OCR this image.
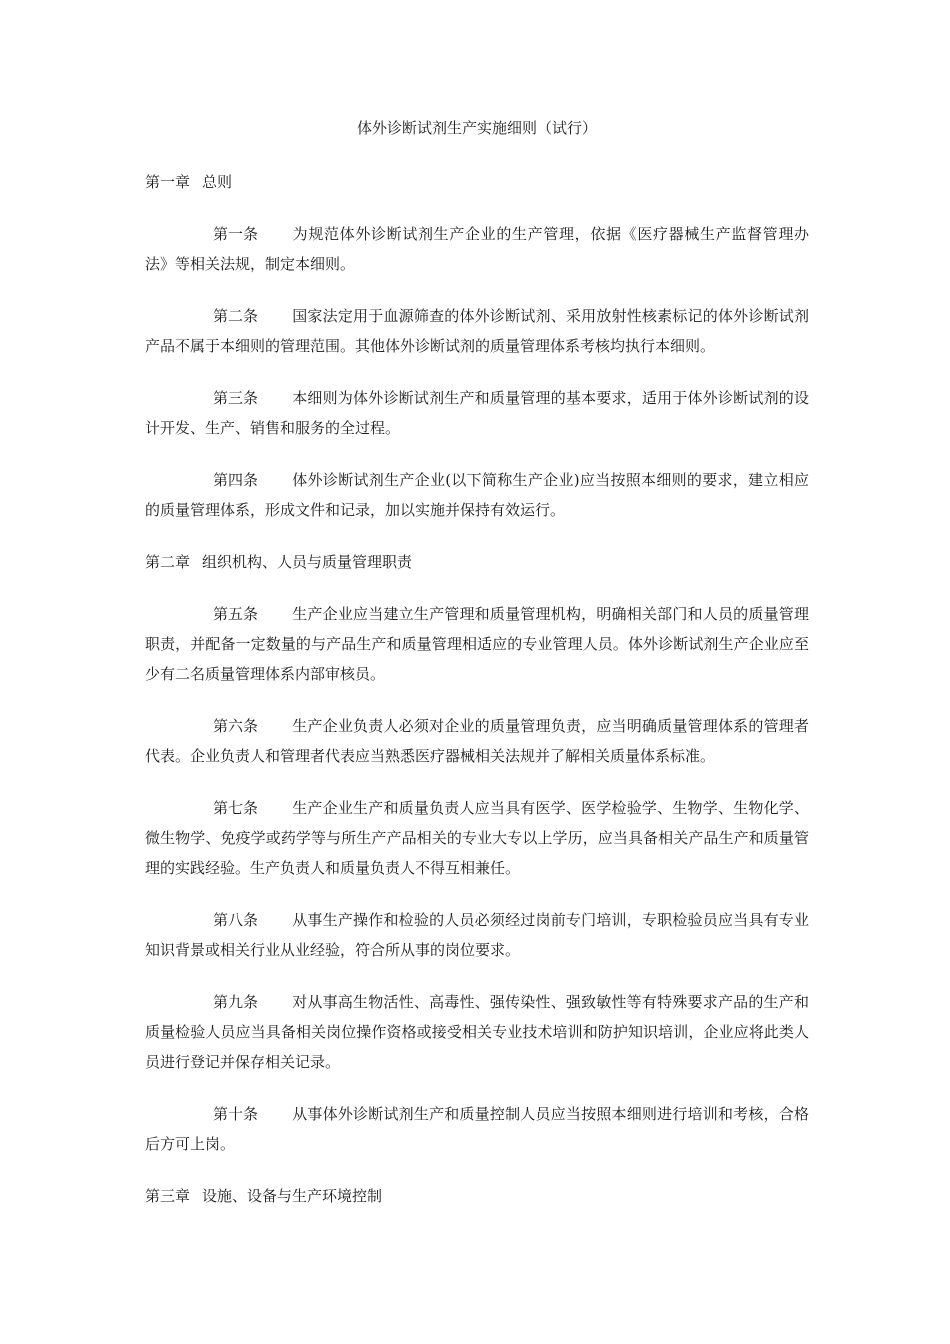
体外诊断试剂生产实施细则（试行）
第一章 总则
第一条 为规范体外诊断试剂生产企业的生产管理，依据《医疗器械生产监督管理办法》等相关法规，制定本细则。
第二条 国家法定用于血源筛查的体外诊断试剂、采用放射性核素标记的体外诊断试剂产品不属于本细则的管理范围。其他体外诊断试剂的质量管理体系考核均执行本细则。
第三条 本细则为体外诊断试剂生产和质量管理的基本要求，适用于体外诊断试剂的设计开发、生产、销售和服务的全过程。
第四条 体外诊断试剂生产企业(以下简称生产企业)应当按照本细则的要求，建立相应的质量管理体系，形成文件和记录，加以实施并保持有效运行。
第二章 组织机构、人员与质量管理职责
第五条 生产企业应当建立生产管理和质量管理机构，明确相关部门和人员的质量管理职责，并配备一定数量的与产品生产和质量管理相适应的专业管理人员。体外诊断试剂生产企业应至少有二名质量管理体系内部审核员。
第六条 生产企业负责人必须对企业的质量管理负责，应当明确质量管理体系的管理者代表。企业负责人和管理者代表应当熟悉医疗器械相关法规并了解相关质量体系标准。
第七条 生产企业生产和质量负责人应当具有医学、医学检验学、生物学、生物化学、微生物学、免疫学或药学等与所生产产品相关的专业大专以上学历，应当具备相关产品生产和质量管理的实践经验。生产负责人和质量负责人不得互相兼任。
第八条 从事生产操作和检验的人员必须经过岗前专门培训，专职检验员应当具有专业知识背景或相关行业从业经验，符合所从事的岗位要求。
第九条 对从事高生物活性、高毒性、强传染性、强致敏性等有特殊要求产品的生产和质量检验人员应当具备相关岗位操作资格或接受相关专业技术培训和防护知识培训，企业应将此类人员进行登记并保存相关记录。
第十条 从事体外诊断试剂生产和质量控制人员应当按照本细则进行培训和考核，合格后方可上岗。
第三章 设施、设备与生产环境控制
